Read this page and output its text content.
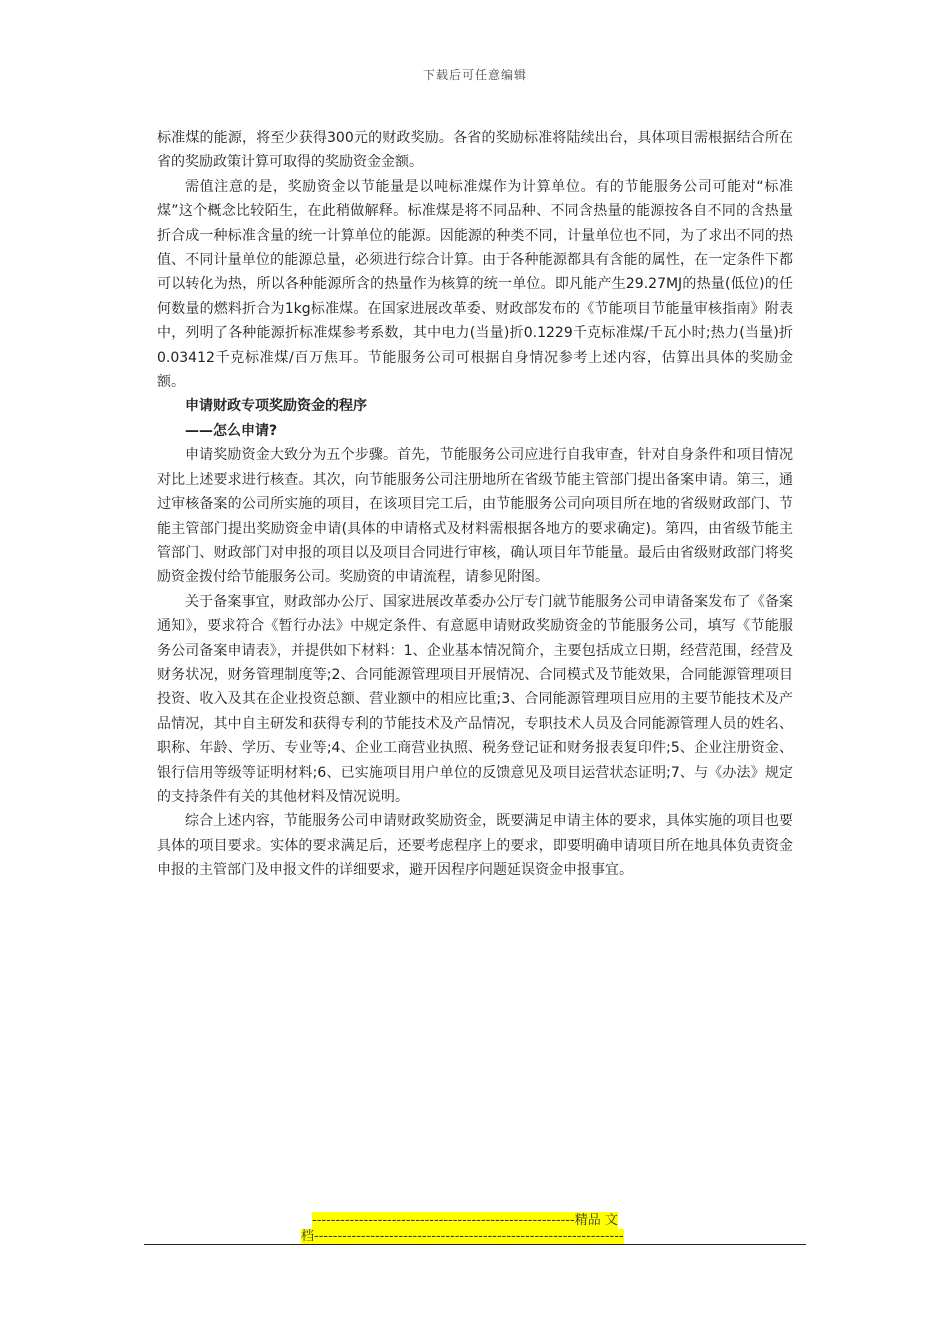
下载后可任意编辑

标准煤的能源，将至少获得300元的财政奖励。各省的奖励标准将陆续出台，具体项目需根据结合所在省的奖励政策计算可取得的奖励资金金额。

需值注意的是，奖励资金以节能量是以吨标准煤作为计算单位。有的节能服务公司可能对“标准煤”这个概念比较陌生，在此稍做解释。标准煤是将不同品种、不同含热量的能源按各自不同的含热量折合成一种标准含量的统一计算单位的能源。因能源的种类不同，计量单位也不同，为了求出不同的热值、不同计量单位的能源总量，必须进行综合计算。由于各种能源都具有含能的属性，在一定条件下都可以转化为热，所以各种能源所含的热量作为核算的统一单位。即凡能产生29.27MJ的热量(低位)的任何数量的燃料折合为1kg标准煤。在国家进展改革委、财政部发布的《节能项目节能量审核指南》附表中，列明了各种能源折标准煤参考系数，其中电力(当量)折0.1229千克标准煤/千瓦小时;热力(当量)折0.03412千克标准煤/百万焦耳。节能服务公司可根据自身情况参考上述内容，估算出具体的奖励金额。

申请财政专项奖励资金的程序

——怎么申请?

申请奖励资金大致分为五个步骤。首先，节能服务公司应进行自我审查，针对自身条件和项目情况对比上述要求进行核查。其次，向节能服务公司注册地所在省级节能主管部门提出备案申请。第三，通过审核备案的公司所实施的项目，在该项目完工后，由节能服务公司向项目所在地的省级财政部门、节能主管部门提出奖励资金申请(具体的申请格式及材料需根据各地方的要求确定)。第四，由省级节能主管部门、财政部门对申报的项目以及项目合同进行审核，确认项目年节能量。最后由省级财政部门将奖励资金拨付给节能服务公司。奖励资的申请流程，请参见附图。

关于备案事宜，财政部办公厅、国家进展改革委办公厅专门就节能服务公司申请备案发布了《备案通知》，要求符合《暂行办法》中规定条件、有意愿申请财政奖励资金的节能服务公司，填写《节能服务公司备案申请表》，并提供如下材料：1、企业基本情况简介，主要包括成立日期，经营范围，经营及财务状况，财务管理制度等;2、合同能源管理项目开展情况、合同模式及节能效果，合同能源管理项目投资、收入及其在企业投资总额、营业额中的相应比重;3、合同能源管理项目应用的主要节能技术及产品情况，其中自主研发和获得专利的节能技术及产品情况，专职技术人员及合同能源管理人员的姓名、职称、年龄、学历、专业等;4、企业工商营业执照、税务登记证和财务报表复印件;5、企业注册资金、银行信用等级等证明材料;6、已实施项目用户单位的反馈意见及项目运营状态证明;7、与《办法》规定的支持条件有关的其他材料及情况说明。

综合上述内容，节能服务公司申请财政奖励资金，既要满足申请主体的要求，具体实施的项目也要具体的项目要求。实体的要求满足后，还要考虑程序上的要求，即要明确申请项目所在地具体负责资金申报的主管部门及申报文件的详细要求，避开因程序问题延误资金申报事宜。

--------------------------------------------------------精品 文
档------------------------------------------------------------------
